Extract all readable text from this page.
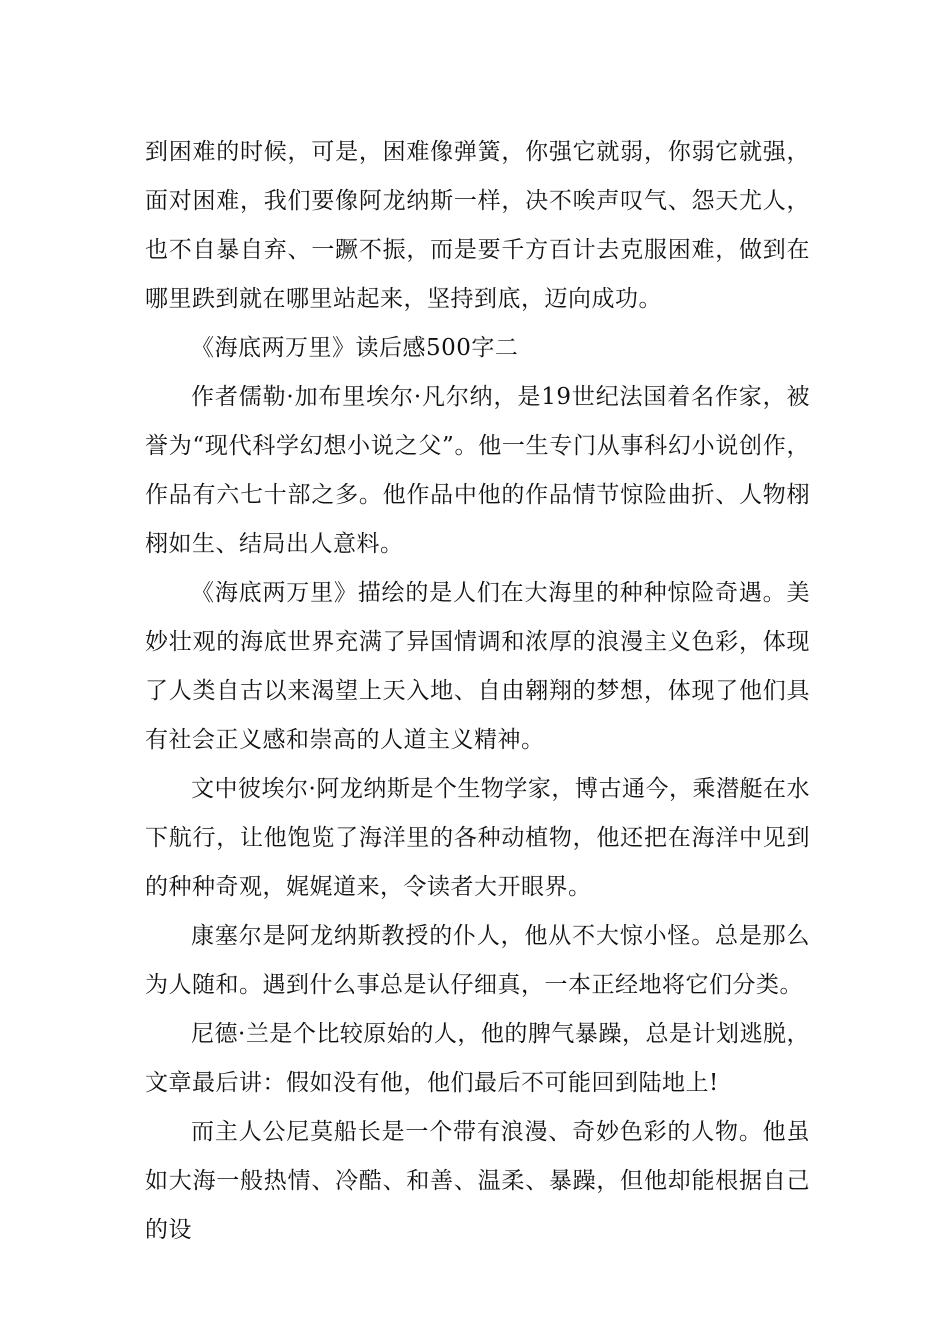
到困难的时候，可是，困难像弹簧，你强它就弱，你弱它就强，面对困难，我们要像阿龙纳斯一样，决不唉声叹气、怨天尤人，也不自暴自弃、一蹶不振，而是要千方百计去克服困难，做到在哪里跌到就在哪里站起来，坚持到底，迈向成功。

《海底两万里》读后感500字二

作者儒勒·加布里埃尔·凡尔纳，是19世纪法国着名作家，被誉为“现代科学幻想小说之父”。他一生专门从事科幻小说创作，作品有六七十部之多。他作品中他的作品情节惊险曲折、人物栩栩如生、结局出人意料。

《海底两万里》描绘的是人们在大海里的种种惊险奇遇。美妙壮观的海底世界充满了异国情调和浓厚的浪漫主义色彩，体现了人类自古以来渴望上天入地、自由翱翔的梦想，体现了他们具有社会正义感和崇高的人道主义精神。

文中彼埃尔·阿龙纳斯是个生物学家，博古通今，乘潜艇在水下航行，让他饱览了海洋里的各种动植物，他还把在海洋中见到的种种奇观，娓娓道来，令读者大开眼界。

康塞尔是阿龙纳斯教授的仆人，他从不大惊小怪。总是那么为人随和。遇到什么事总是认仔细真，一本正经地将它们分类。

尼德·兰是个比较原始的人，他的脾气暴躁，总是计划逃脱，文章最后讲：假如没有他，他们最后不可能回到陆地上!

而主人公尼莫船长是一个带有浪漫、奇妙色彩的人物。他虽如大海一般热情、冷酷、和善、温柔、暴躁，但他却能根据自己的设
